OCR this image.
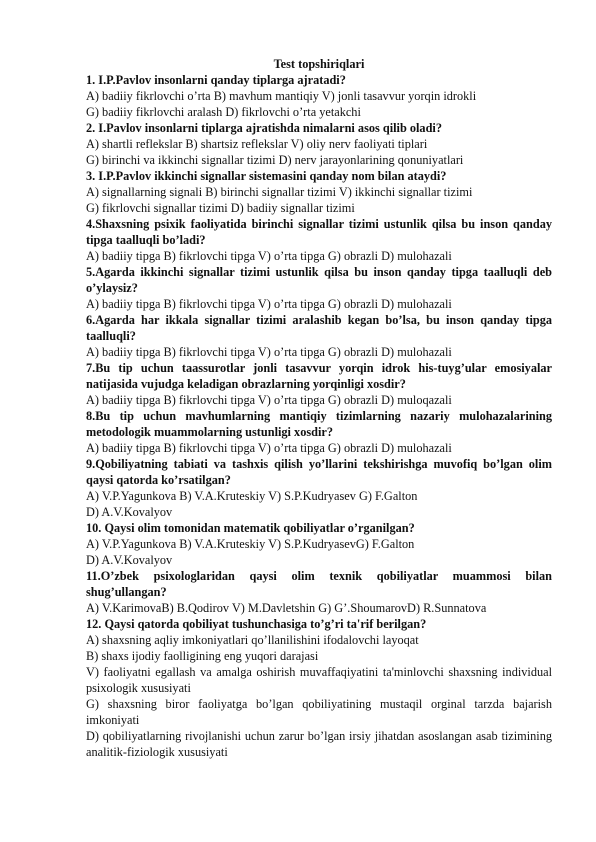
Test topshiriqlari
1. I.P.Pavlov insonlarni qanday tiplarga ajratadi?
A) badiiy fikrlovchi o’rta B) mavhum mantiqiy V) jonli tasavvur yorqin idrokli
G) badiiy fikrlovchi aralash D) fikrlovchi o’rta yetakchi
2. I.Pavlov insonlarni tiplarga ajratishda nimalarni asos qilib oladi?
A) shartli reflekslar B) shartsiz reflekslar V) oliy nerv faoliyati tiplari
G) birinchi va ikkinchi signallar tizimi D) nerv jarayonlarining qonuniyatlari
3. I.P.Pavlov ikkinchi signallar sistemasini qanday nom bilan ataydi?
A) signallarning signali B) birinchi signallar tizimi V) ikkinchi signallar tizimi
G) fikrlovchi signallar tizimi D) badiiy signallar tizimi
4.Shaxsning psixik faoliyatida birinchi signallar tizimi ustunlik qilsa bu inson qanday tipga taalluqli bo’ladi?
A) badiiy tipga B) fikrlovchi tipga V) o’rta tipga G) obrazli D) mulohazali
5.Agarda ikkinchi signallar tizimi ustunlik qilsa bu inson qanday tipga taalluqli deb o’ylaysiz?
A) badiiy tipga B) fikrlovchi tipga V) o’rta tipga G) obrazli D) mulohazali
6.Agarda har ikkala signallar tizimi aralashib kegan bo’lsa, bu inson qanday tipga taalluqli?
A) badiiy tipga B) fikrlovchi tipga V) o’rta tipga G) obrazli D) mulohazali
7.Bu tip uchun taassurotlar jonli tasavvur yorqin idrok his-tuyg’ular emosiyalar natijasida vujudga keladigan obrazlarning yorqinligi xosdir?
A) badiiy tipga B) fikrlovchi tipga V) o’rta tipga G) obrazli D) muloqazali
8.Bu tip uchun mavhumlarning mantiqiy tizimlarning nazariy mulohazalarining metodologik muammolarning ustunligi xosdir?
A) badiiy tipga B) fikrlovchi tipga V) o’rta tipga G) obrazli D) mulohazali
9.Qobiliyatning tabiati va tashxis qilish yo’llarini tekshirishga muvofiq bo’lgan olim qaysi qatorda ko’rsatilgan?
A) V.P.Yagunkova B) V.A.Kruteskiy V) S.P.Kudryasev G) F.Galton
D) A.V.Kovalyov
10. Qaysi olim tomonidan matematik qobiliyatlar o’rganilgan?
A) V.P.Yagunkova B) V.A.Kruteskiy V) S.P.KudryasevG) F.Galton
D) A.V.Kovalyov
11.O’zbek psixologlaridan qaysi olim texnik qobiliyatlar muammosi bilan shug’ullangan?
A) V.KarimovaB) B.Qodirov V) M.Davletshin G) G’.ShoumarovD) R.Sunnatova
12. Qaysi qatorda qobiliyat tushunchasiga to’g’ri ta'rif berilgan?
A) shaxsning aqliy imkoniyatlari qo’llanilishini ifodalovchi layoqat
B) shaxs ijodiy faolligining eng yuqori darajasi
V) faoliyatni egallash va amalga oshirish muvaffaqiyatini ta'minlovchi shaxsning individual psixologik xususiyati
G) shaxsning biror faoliyatga bo’lgan qobiliyatining mustaqil orginal tarzda bajarish imkoniyati
D) qobiliyatlarning rivojlanishi uchun zarur bo’lgan irsiy jihatdan asoslangan asab tizimining analitik-fiziologik xususiyati
